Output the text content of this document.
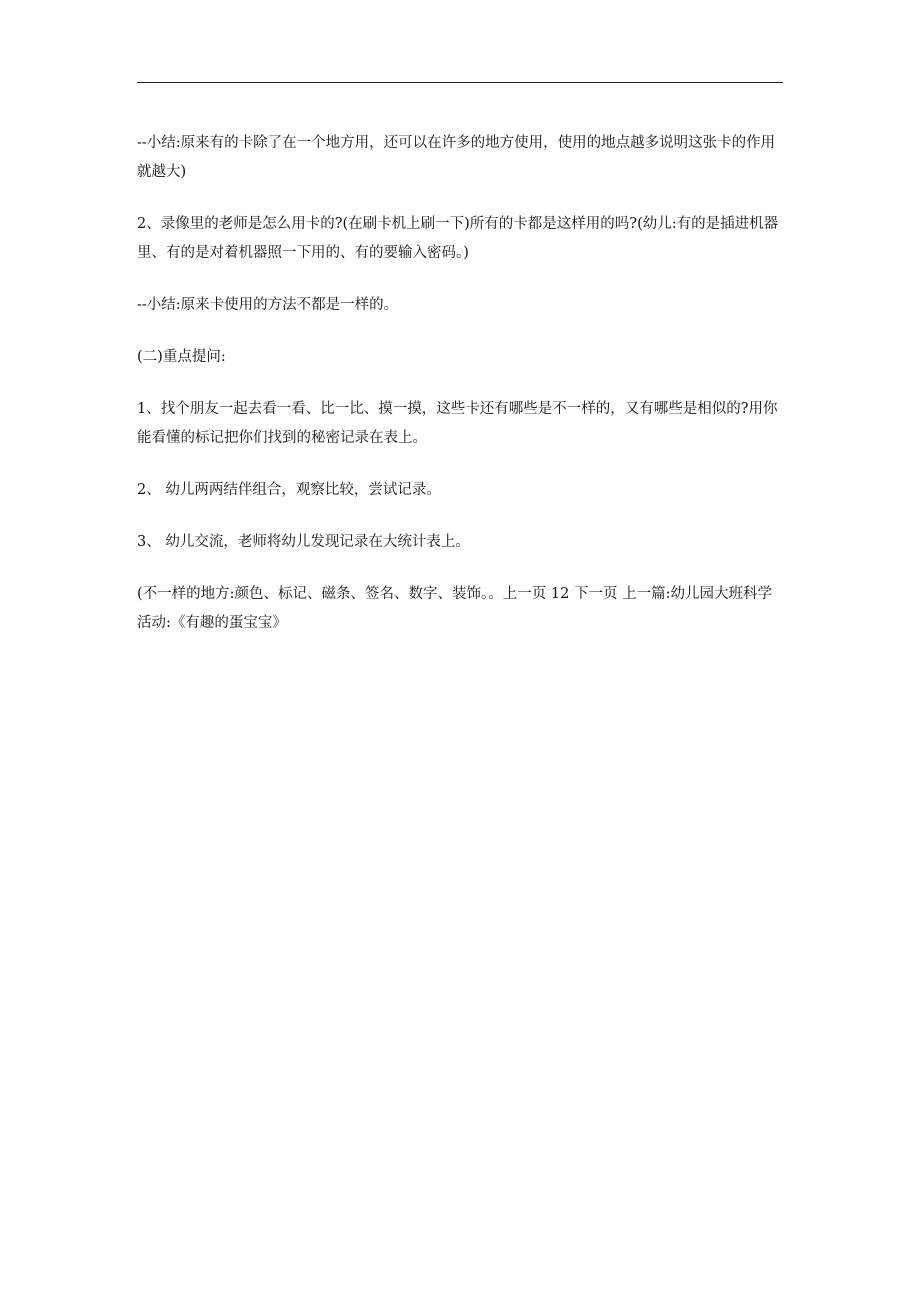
--小结:原来有的卡除了在一个地方用，还可以在许多的地方使用，使用的地点越多说明这张卡的作用就越大)

2、录像里的老师是怎么用卡的?(在刷卡机上刷一下)所有的卡都是这样用的吗?(幼儿:有的是插进机器里、有的是对着机器照一下用的、有的要输入密码。)

--小结:原来卡使用的方法不都是一样的。

(二)重点提问:

1、找个朋友一起去看一看、比一比、摸一摸，这些卡还有哪些是不一样的，又有哪些是相似的?用你能看懂的标记把你们找到的秘密记录在表上。

2、 幼儿两两结伴组合，观察比较，尝试记录。

3、 幼儿交流，老师将幼儿发现记录在大统计表上。

(不一样的地方:颜色、标记、磁条、签名、数字、装饰。。上一页 12 下一页 上一篇:幼儿园大班科学活动:《有趣的蛋宝宝》
